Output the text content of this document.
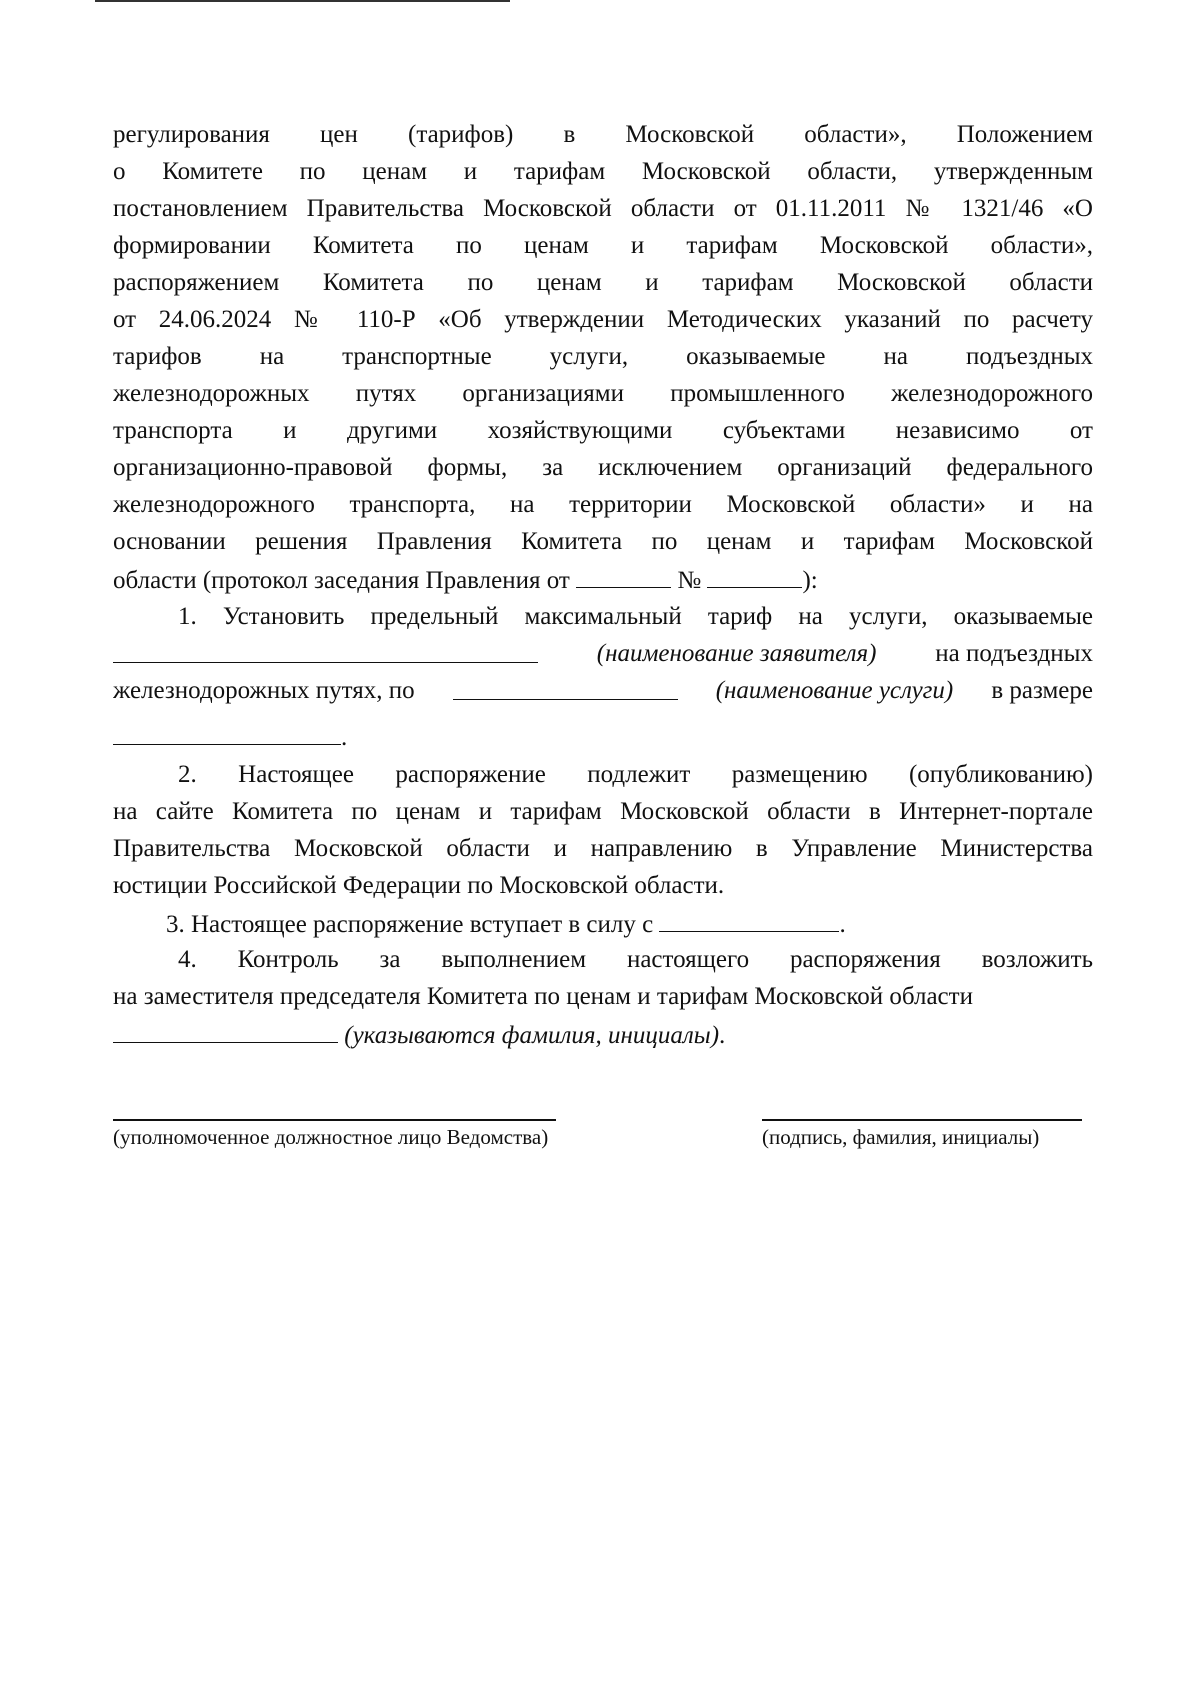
регулирования цен (тарифов) в Московской области», Положением
о Комитете по ценам и тарифам Московской области, утвержденным
постановлением Правительства Московской области от 01.11.2011 № 1321/46 «О
формировании Комитета по ценам и тарифам Московской области»,
распоряжением Комитета по ценам и тарифам Московской области
от 24.06.2024 № 110-Р «Об утверждении Методических указаний по расчету
тарифов на транспортные услуги, оказываемые на подъездных
железнодорожных путях организациями промышленного железнодорожного
транспорта и другими хозяйствующими субъектами независимо от
организационно-правовой формы, за исключением организаций федерального
железнодорожного транспорта, на территории Московской области» и на
основании решения Правления Комитета по ценам и тарифам Московской
области (протокол заседания Правления от	№	):
1. Установить предельный максимальный тариф на услуги, оказываемые
(наименование заявителя) на подъездных
железнодорожных путях, по	(наименование услуги) в размере
.
2. Настоящее распоряжение подлежит размещению (опубликованию)
на сайте Комитета по ценам и тарифам Московской области в Интернет-портале
Правительства Московской области и направлению в Управление Министерства
юстиции Российской Федерации по Московской области.
3. Настоящее распоряжение вступает в силу с	.
4. Контроль за выполнением настоящего распоряжения возложить
на заместителя председателя Комитета по ценам и тарифам Московской области
(указываются фамилия, инициалы).
(уполномоченное должностное лицо Ведомства)	(подпись, фамилия, инициалы)
